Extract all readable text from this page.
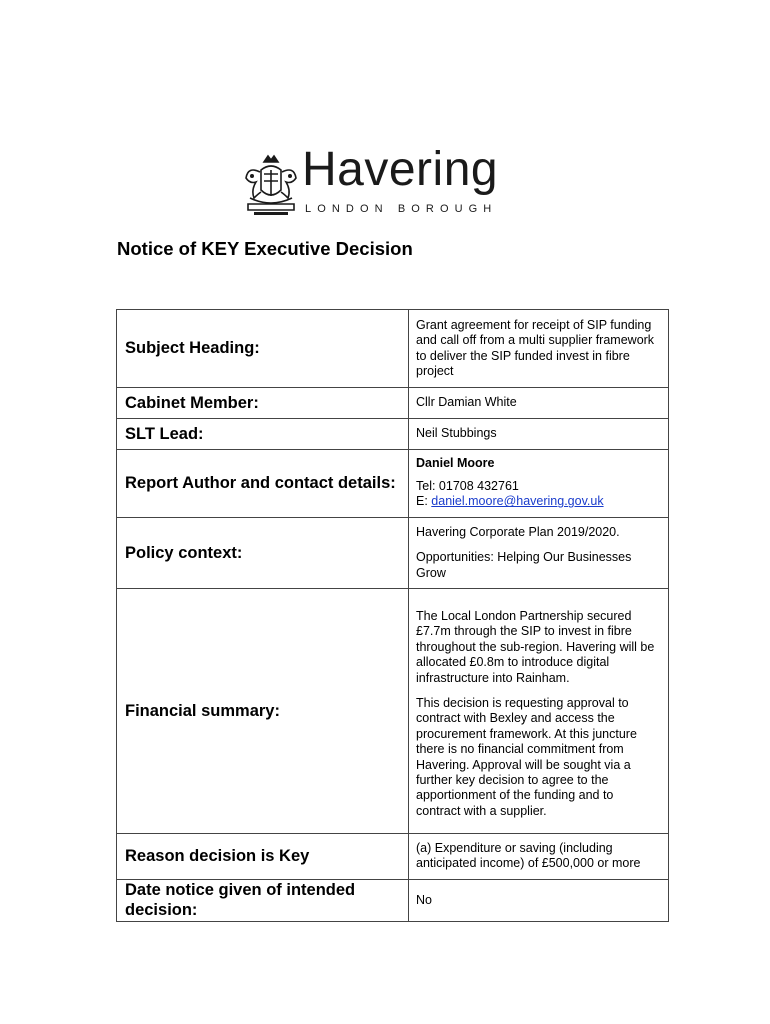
Havering
LONDON BOROUGH
Notice of KEY Executive Decision
Subject Heading:	Grant agreement for receipt of SIP funding and call off from a multi supplier framework to deliver the SIP funded invest in fibre project

Cabinet Member:	Cllr Damian White

SLT Lead:	Neil Stubbings

Report Author and contact details:	Daniel Moore

Tel: 01708 432761
E: daniel.moore@havering.gov.uk

Policy context:	Havering Corporate Plan 2019/2020.

Opportunities: Helping Our Businesses Grow

Financial summary:	The Local London Partnership secured £7.7m through the SIP to invest in fibre throughout the sub-region. Havering will be allocated £0.8m to introduce digital infrastructure into Rainham.

This decision is requesting approval to contract with Bexley and access the procurement framework. At this juncture there is no financial commitment from Havering. Approval will be sought via a further key decision to agree to the apportionment of the funding and to contract with a supplier.

Reason decision is Key	(a) Expenditure or saving (including anticipated income) of £500,000 or more

Date notice given of intended decision:	No
